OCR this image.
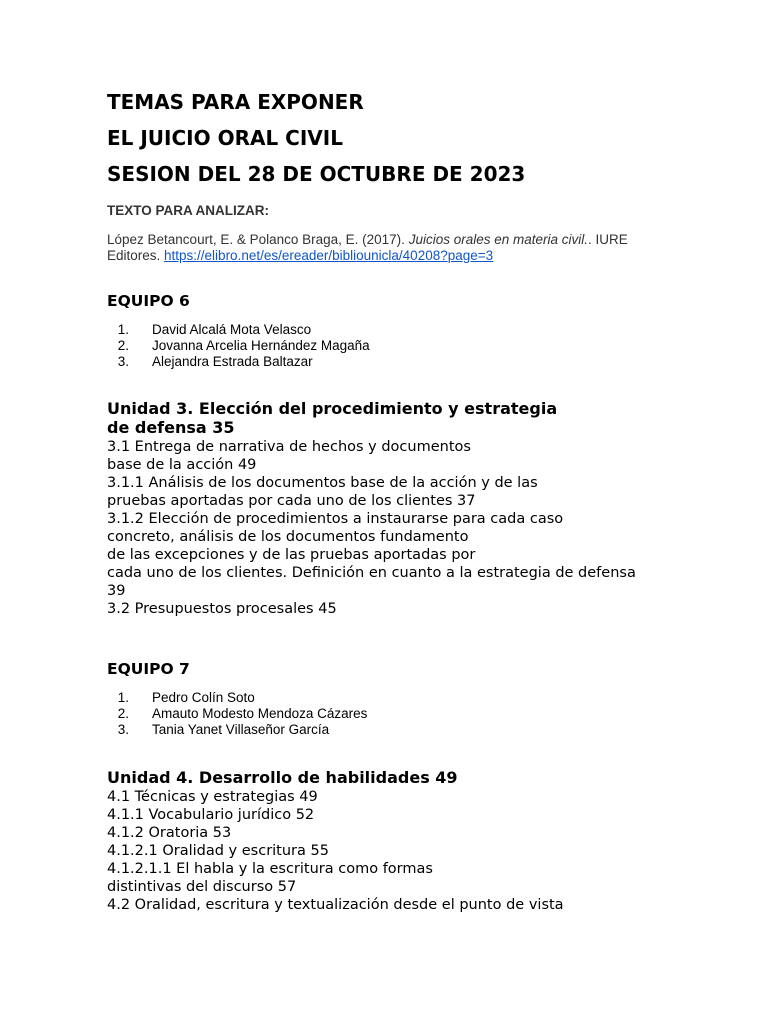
TEMAS PARA EXPONER
EL JUICIO ORAL CIVIL
SESION DEL 28 DE OCTUBRE DE 2023
TEXTO PARA ANALIZAR:
López Betancourt, E. & Polanco Braga, E. (2017). Juicios orales en materia civil.. IURE
Editores. https://elibro.net/es/ereader/bibliounicla/40208?page=3
EQUIPO 6
1. David Alcalá Mota Velasco
2. Jovanna Arcelia Hernández Magaña
3. Alejandra Estrada Baltazar
Unidad 3. Elección del procedimiento y estrategia
de defensa 35
3.1 Entrega de narrativa de hechos y documentos
base de la acción 49
3.1.1 Análisis de los documentos base de la acción y de las
pruebas aportadas por cada uno de los clientes 37
3.1.2 Elección de procedimientos a instaurarse para cada caso
concreto, análisis de los documentos fundamento
de las excepciones y de las pruebas aportadas por
cada uno de los clientes. Definición en cuanto a la estrategia de defensa
39
3.2 Presupuestos procesales 45
EQUIPO 7
1. Pedro Colín Soto
2. Amauto Modesto Mendoza Cázares
3. Tania Yanet Villaseñor García
Unidad 4. Desarrollo de habilidades 49
4.1 Técnicas y estrategias 49
4.1.1 Vocabulario jurídico 52
4.1.2 Oratoria 53
4.1.2.1 Oralidad y escritura 55
4.1.2.1.1 El habla y la escritura como formas
distintivas del discurso 57
4.2 Oralidad, escritura y textualización desde el punto de vista
